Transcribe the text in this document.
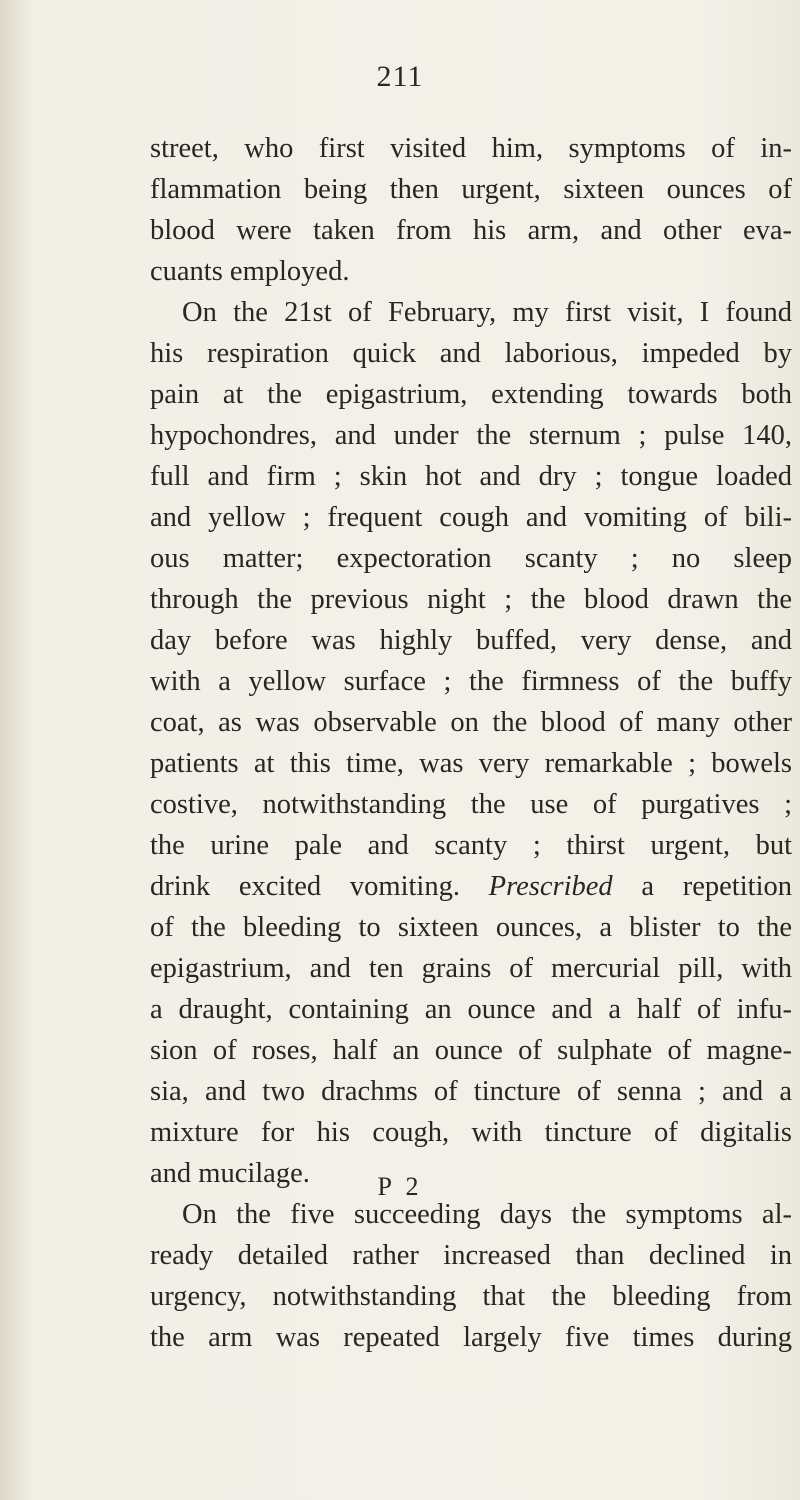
211
street, who first visited him, symptoms of in-
flammation being then urgent, sixteen ounces of
blood were taken from his arm, and other eva-
cuants employed.
On the 21st of February, my first visit, I found
his respiration quick and laborious, impeded by
pain at the epigastrium, extending towards both
hypochondres, and under the sternum ; pulse 140,
full and firm ; skin hot and dry ; tongue loaded
and yellow ; frequent cough and vomiting of bili-
ous matter; expectoration scanty ; no sleep
through the previous night ; the blood drawn the
day before was highly buffed, very dense, and
with a yellow surface ; the firmness of the buffy
coat, as was observable on the blood of many other
patients at this time, was very remarkable ; bowels
costive, notwithstanding the use of purgatives ;
the urine pale and scanty ; thirst urgent, but
drink excited vomiting. Prescribed a repetition
of the bleeding to sixteen ounces, a blister to the
epigastrium, and ten grains of mercurial pill, with
a draught, containing an ounce and a half of infu-
sion of roses, half an ounce of sulphate of magne-
sia, and two drachms of tincture of senna ; and a
mixture for his cough, with tincture of digitalis
and mucilage.
On the five succeeding days the symptoms al-
ready detailed rather increased than declined in
urgency, notwithstanding that the bleeding from
the arm was repeated largely five times during
P 2
